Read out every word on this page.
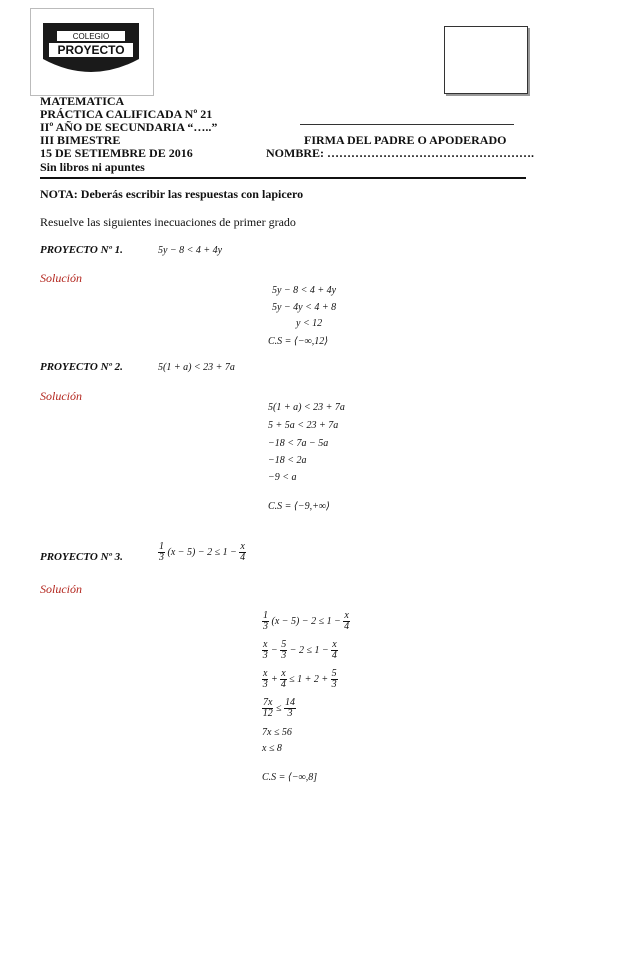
COLEGIO
PROYECTO
MATEMATICA
PRÁCTICA CALIFICADA Nº 21
IIº AÑO DE SECUNDARIA “…..”
III BIMESTRE
15 DE SETIEMBRE DE 2016
Sin libros ni apuntes
FIRMA DEL PADRE O APODERADO
NOMBRE: …………………………………………….
NOTA: Deberás escribir las respuestas con lapicero
Resuelve las siguientes inecuaciones de primer grado
PROYECTO Nº 1.	5y − 8 < 4 + 4y
Solución
5y − 8 < 4 + 4y
5y − 4y < 4 + 8
y < 12
C.S = ⟨−∞,12⟩
PROYECTO Nº 2.	5(1 + a) < 23 + 7a
Solución
5(1 + a) < 23 + 7a
5 + 5a < 23 + 7a
−18 < 7a − 5a
−18 < 2a
−9 < a
C.S = ⟨−9,+∞⟩
PROYECTO Nº 3.	$\frac{1}{3} (x - 5) - 2 \le 1 - \frac{x}{4}$
Solución
$\frac{1}{3} (x - 5) - 2 \le 1 - \frac{x}{4}$
$\frac{x}{3} - \frac{5}{3} - 2 \le 1 - \frac{x}{4}$
$\frac{x}{3} + \frac{x}{4} \le 1 + 2 + \frac{5}{3}$
$\frac{7x}{12} \le \frac{14}{3}$
7x ≤ 56
x ≤ 8
C.S = ⟨−∞,8]
